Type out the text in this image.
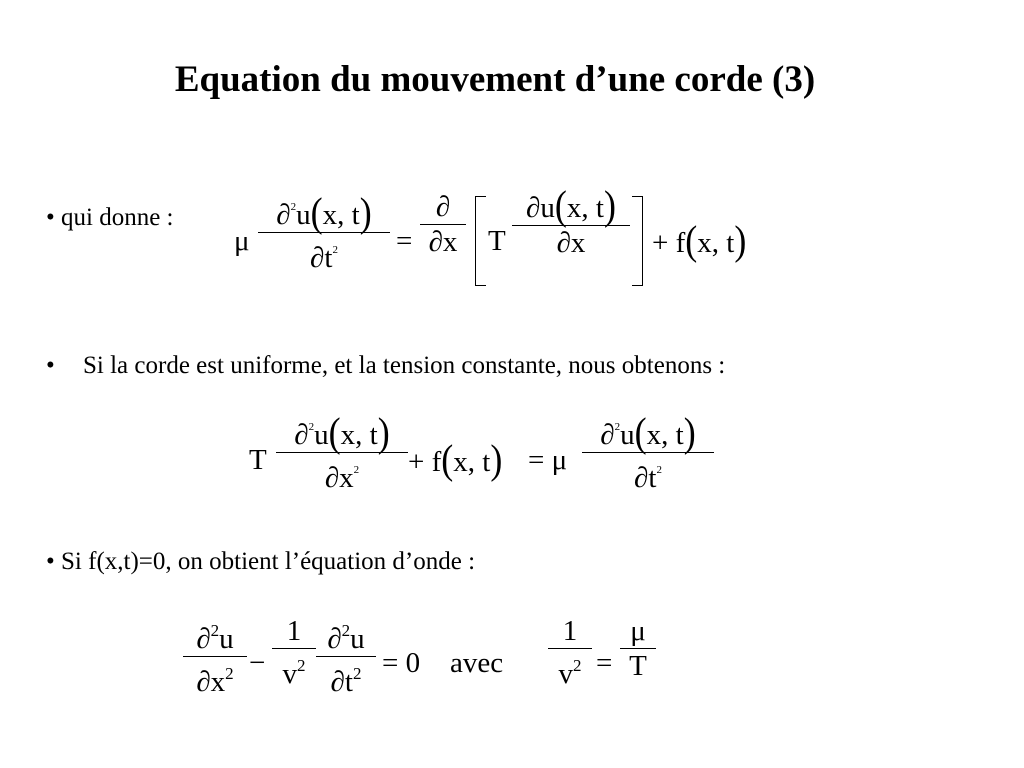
Equation du mouvement d’une corde (3)
• qui donne :
μ $\frac{\partial^2u(x, t)}{\partial t^2}$ =
∂
∂x T $\frac{\partial u(x, t)}{\partial x} + f(x$, t)
• Si la corde est uniforme, et la tension constante, nous obtenons :
T $\frac{\partial^2u(x, t)}{\partial x^2} + f(x$, t) = μ $\frac{\partial^2u(x, t)}{\partial t^2}$
• Si f(x,t)=0, on obtient l’équation d’onde :
$\frac{\partial^2u}{\partial x^2} - \frac{1}{v^2} \frac{\partial^2u}{\partial t^2} = 0$ avec $\frac{1}{v^2} = \frac{\mu}{T}$
